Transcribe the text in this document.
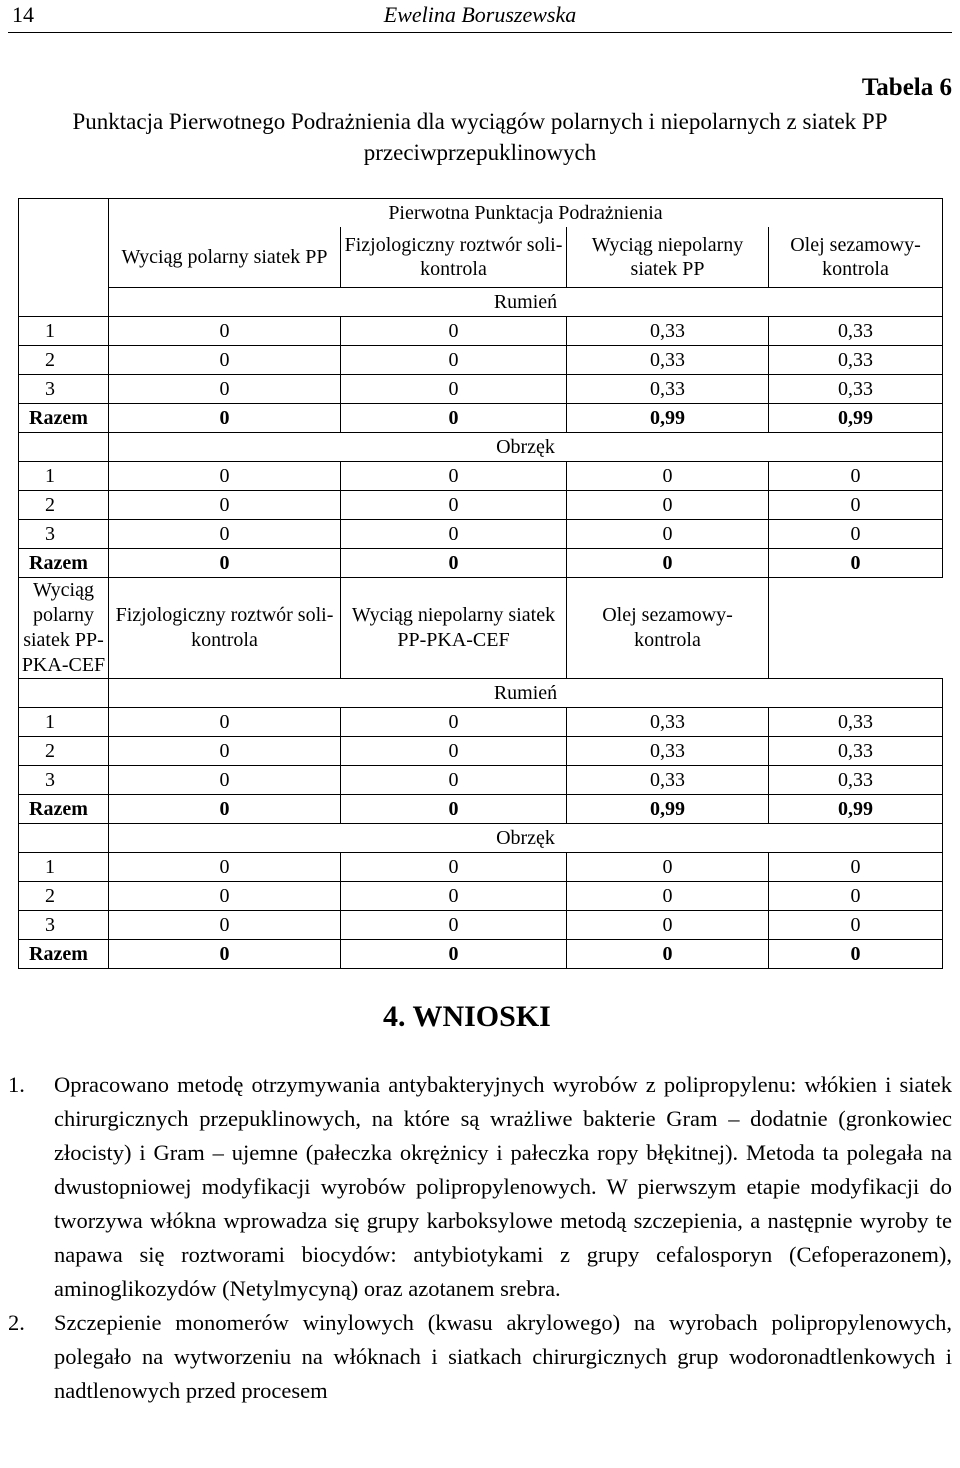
14	Ewelina Boruszewska
Tabela 6
Punktacja Pierwotnego Podrażnienia dla wyciągów polarnych i niepolarnych z siatek PP
przeciwprzepuklinowych
	Pierwotna Punktacja Podrażnienia			
	Wyciąg polarny siatek PP	Fizjologiczny roztwór soli-kontrola	Wyciąg niepolarny siatek PP	Olej sezamowy-kontrola
	Rumień			
1	0	0	0,33	0,33
2	0	0	0,33	0,33
3	0	0	0,33	0,33
Razem	0	0	0,99	0,99
	Obrzęk			
1	0	0	0	0
2	0	0	0	0
3	0	0	0	0
Razem	0	0	0	0
Wyciąg polarny siatek PP-PKA-CEF	Fizjologiczny roztwór soli-kontrola	Wyciąg niepolarny siatek PP-PKA-CEF	Olej sezamowy-kontrola	
	Rumień			
1	0	0	0,33	0,33
2	0	0	0,33	0,33
3	0	0	0,33	0,33
Razem	0	0	0,99	0,99
	Obrzęk			
1	0	0	0	0
2	0	0	0	0
3	0	0	0	0
Razem	0	0	0	0
4. WNIOSKI
1. Opracowano metodę otrzymywania antybakteryjnych wyrobów z polipropylenu: włókien i siatek chirurgicznych przepuklinowych, na które są wrażliwe bakterie Gram – dodatnie (gronkowiec złocisty) i Gram – ujemne (pałeczka okrężnicy i pałeczka ropy błękitnej). Metoda ta polegała na dwustopniowej modyfikacji wyrobów polipropylenowych. W pierwszym etapie modyfikacji do tworzywa włókna wprowadza się grupy karboksylowe metodą szczepienia, a następnie wyroby te napawa się roztworami biocydów: antybiotykami z grupy cefalosporyn (Cefoperazonem), aminoglikozydów (Netylmycyną) oraz azotanem srebra.
2. Szczepienie monomerów winylowych (kwasu akrylowego) na wyrobach polipropylenowych, polegało na wytworzeniu na włóknach i siatkach chirurgicznych grup wodoronadtlenkowych i nadtlenowych przed procesem
